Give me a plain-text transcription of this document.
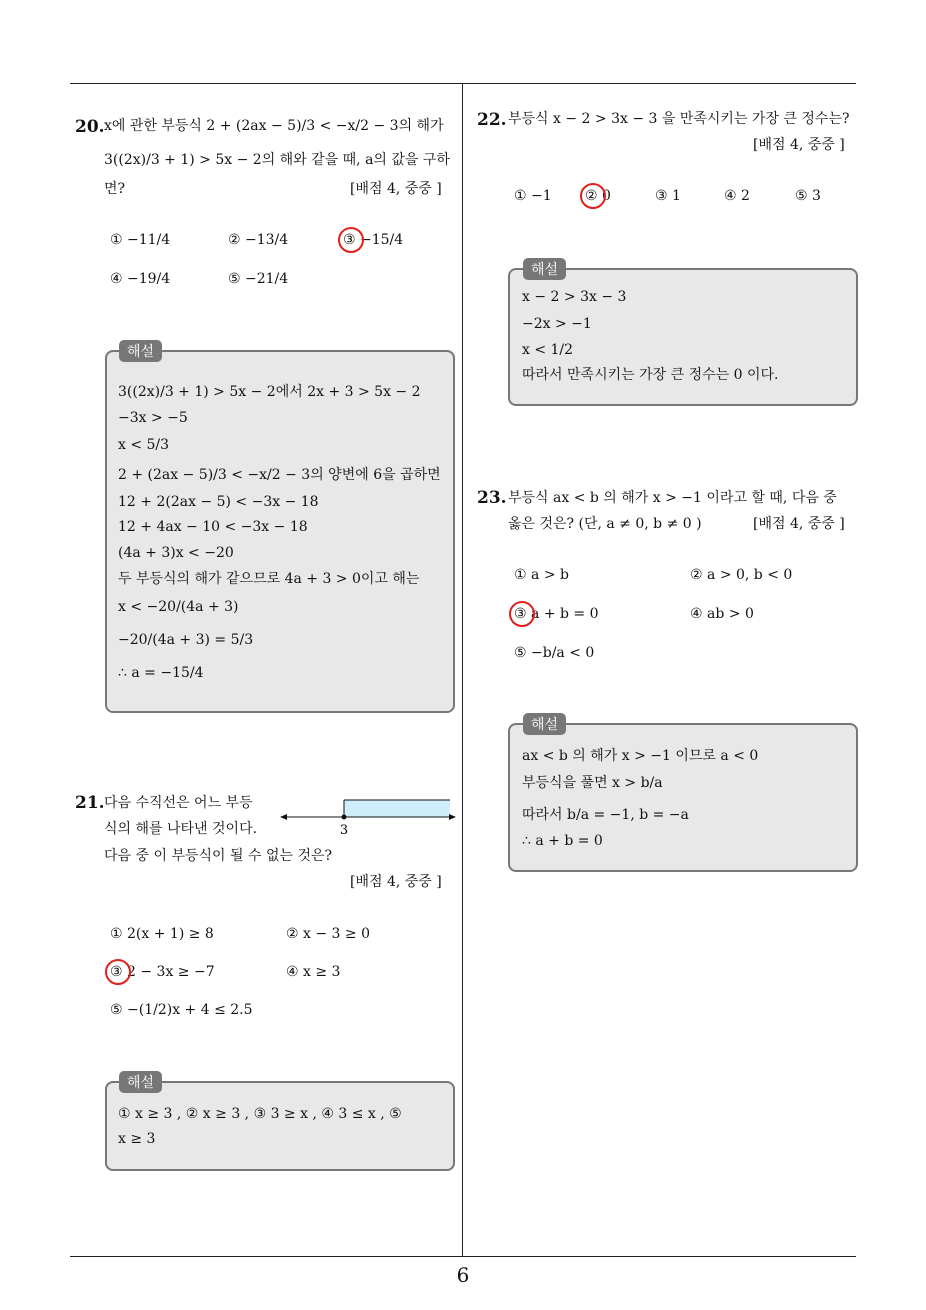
20. x에 관한 부등식 2 + (2ax − 5)/3 < −x/2 − 3의 해가
3((2x)/3 + 1) > 5x − 2의 해와 같을 때, a의 값을 구하
면?	[배점 4, 중중 ]
① −11/4	② −13/4	③ −15/4
④ −19/4	⑤ −21/4
해설
3((2x)/3 + 1) > 5x − 2에서 2x + 3 > 5x − 2
−3x > −5
x < 5/3
2 + (2ax − 5)/3 < −x/2 − 3의 양변에 6을 곱하면
12 + 2(2ax − 5) < −3x − 18
12 + 4ax − 10 < −3x − 18
(4a + 3)x < −20
두 부등식의 해가 같으므로 4a + 3 > 0이고 해는
x < −20/(4a + 3)
−20/(4a + 3) = 5/3
∴ a = −15/4
21. 다음 수직선은 어느 부등
식의 해를 나타낸 것이다.
다음 중 이 부등식이 될 수 없는 것은?
[배점 4, 중중 ]
3
① 2(x + 1) ≥ 8	② x − 3 ≥ 0
③ 2 − 3x ≥ −7	④ x ≥ 3
⑤ −(1/2)x + 4 ≤ 2.5
해설
① x ≥ 3 , ② x ≥ 3 , ③ 3 ≥ x , ④ 3 ≤ x , ⑤
x ≥ 3
22. 부등식 x − 2 > 3x − 3 을 만족시키는 가장 큰 정수는?
[배점 4, 중중 ]
① −1 ② 0	③ 1	④ 2	⑤ 3
해설
x − 2 > 3x − 3
−2x > −1
x < 1/2
따라서 만족시키는 가장 큰 정수는 0 이다.
23. 부등식 ax < b 의 해가 x > −1 이라고 할 때, 다음 중
옳은 것은? (단, a ≠ 0, b ≠ 0 )	[배점 4, 중중 ]
① a > b	② a > 0, b < 0
③ a + b = 0	④ ab > 0
⑤ −b/a < 0
해설
ax < b 의 해가 x > −1 이므로 a < 0
부등식을 풀면 x > b/a
따라서 b/a = −1, b = −a
∴ a + b = 0
6
